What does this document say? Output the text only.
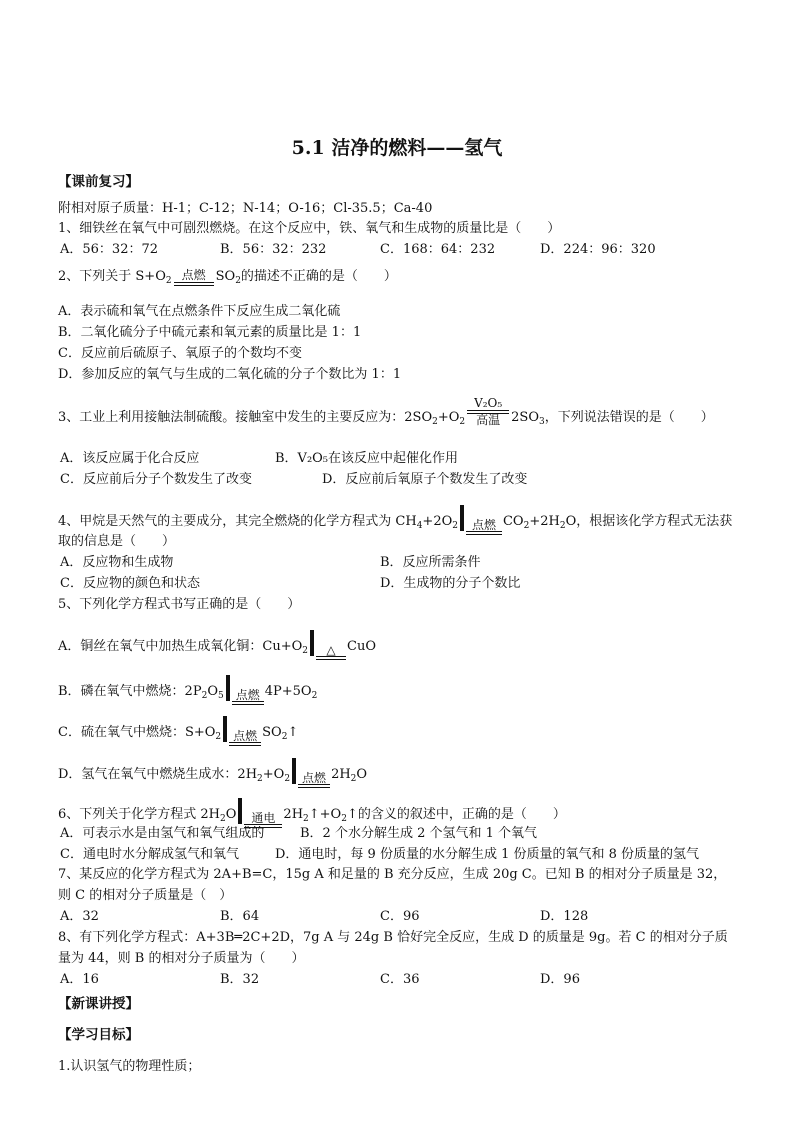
5.1 洁净的燃料——氢气
【课前复习】
附相对原子质量：H-1；C-12；N-14；O-16；Cl-35.5；Ca-40
1、细铁丝在氧气中可剧烈燃烧。在这个反应中，铁、氧气和生成物的质量比是（　　）
A．56：32：72	B．56：32：232	C．168：64：232	D．224：96：320
2、下列关于 $S+O_2$ 点燃 $SO_2$的描述不正确的是（　　）
A．表示硫和氧气在点燃条件下反应生成二氧化硫
B．二氧化硫分子中硫元素和氧元素的质量比是 1：1
C．反应前后硫原子、氧原子的个数均不变
D．参加反应的氧气与生成的二氧化硫的分子个数比为 1：1
3、工业上利用接触法制硫酸。接触室中发生的主要反应为：$2SO_2+O_2$
V₂O₅
高温 $2SO_3$，下列说法错误的是（　　）
A．该反应属于化合反应	B．V₂O₅在该反应中起催化作用
C．反应前后分子个数发生了改变	D．反应前后氧原子个数发生了改变
4、甲烷是天然气的主要成分，其完全燃烧的化学方程式为 $CH_4+2O_2$	点燃 $CO_2+2H_2O$，根据该化学方程式无法获
取的信息是（　　）
A．反应物和生成物	B．反应所需条件
C．反应物的颜色和状态	D．生成物的分子个数比
5、下列化学方程式书写正确的是（　　）
A．铜丝在氧气中加热生成氧化铜：$Cu+O_2$	△ CuO
B．磷在氧气中燃烧：$2P_2O_5$ 点燃 $4P+5O_2$
C．硫在氧气中燃烧：$S+O_2$ 点燃 $SO_2↑$
D．氢气在氧气中燃烧生成水：$2H_2+O_2$ 点燃 $2H_2O$
6、下列关于化学方程式 $2H_2O$	通电 $2H_2↑+O_2↑$的含义的叙述中，正确的是（　　）
A．可表示水是由氢气和氧气组成的	B．2 个水分解生成 2 个氢气和 1 个氧气
C．通电时水分解成氢气和氧气	D．通电时，每 9 份质量的水分解生成 1 份质量的氧气和 8 份质量的氢气
7、某反应的化学方程式为 2A+B=C，15g A 和足量的 B 充分反应，生成 20g C。已知 B 的相对分子质量是 32，
则 C 的相对分子质量是（　）
A．32	B．64	C．96	D．128
8、有下列化学方程式：A+3B═2C+2D，7g A 与 24g B 恰好完全反应，生成 D 的质量是 9g。若 C 的相对分子质
量为 44，则 B 的相对分子质量为（　　）
A．16	B．32	C．36	D．96
【新课讲授】
【学习目标】
1.认识氢气的物理性质；
